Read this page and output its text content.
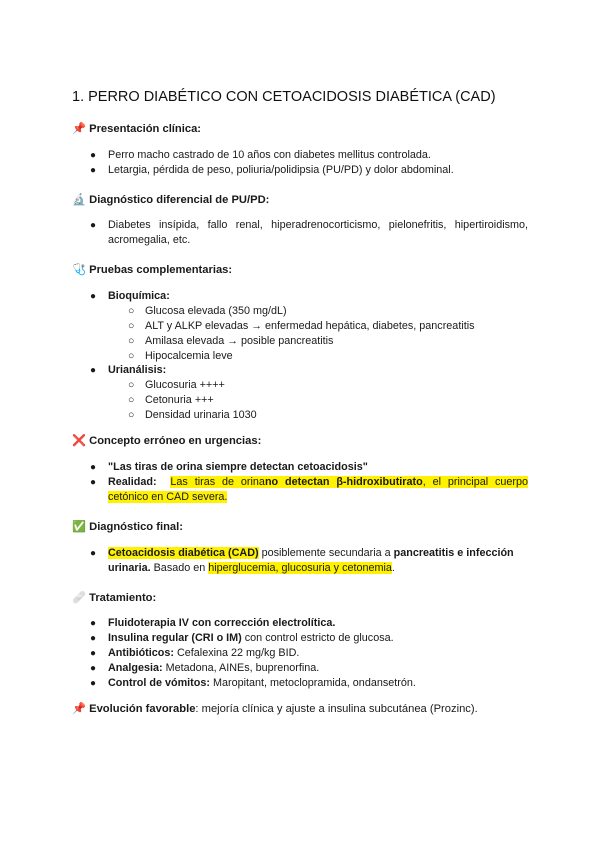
1. PERRO DIABÉTICO CON CETOACIDOSIS DIABÉTICA (CAD)
📌 Presentación clínica:
● Perro macho castrado de 10 años con diabetes mellitus controlada.
● Letargia, pérdida de peso, poliuria/polidipsia (PU/PD) y dolor abdominal.
🔬 Diagnóstico diferencial de PU/PD:
● Diabetes insípida, fallo renal, hiperadrenocorticismo, pielonefritis, hipertiroidismo, acromegalia, etc.
🩺 Pruebas complementarias:
● Bioquímica:
○ Glucosa elevada (350 mg/dL)
○ ALT y ALKP elevadas → enfermedad hepática, diabetes, pancreatitis
○ Amilasa elevada → posible pancreatitis
○ Hipocalcemia leve
● Urianálisis:
○ Glucosuria ++++
○ Cetonuria +++
○ Densidad urinaria 1030
❌ Concepto erróneo en urgencias:
● "Las tiras de orina siempre detectan cetoacidosis"
● Realidad: Las tiras de orinano detectan β-hidroxibutirato, el principal cuerpo cetónico en CAD severa.
✅ Diagnóstico final:
● Cetoacidosis diabética (CAD) posiblemente secundaria a pancreatitis e infección urinaria. Basado en hiperglucemia, glucosuria y cetonemia.
🩹 Tratamiento:
● Fluidoterapia IV con corrección electrolítica.
● Insulina regular (CRI o IM) con control estricto de glucosa.
● Antibióticos: Cefalexina 22 mg/kg BID.
● Analgesia: Metadona, AINEs, buprenorfina.
● Control de vómitos: Maropitant, metoclopramida, ondansetrón.
📌 Evolución favorable: mejoría clínica y ajuste a insulina subcutánea (Prozinc).
